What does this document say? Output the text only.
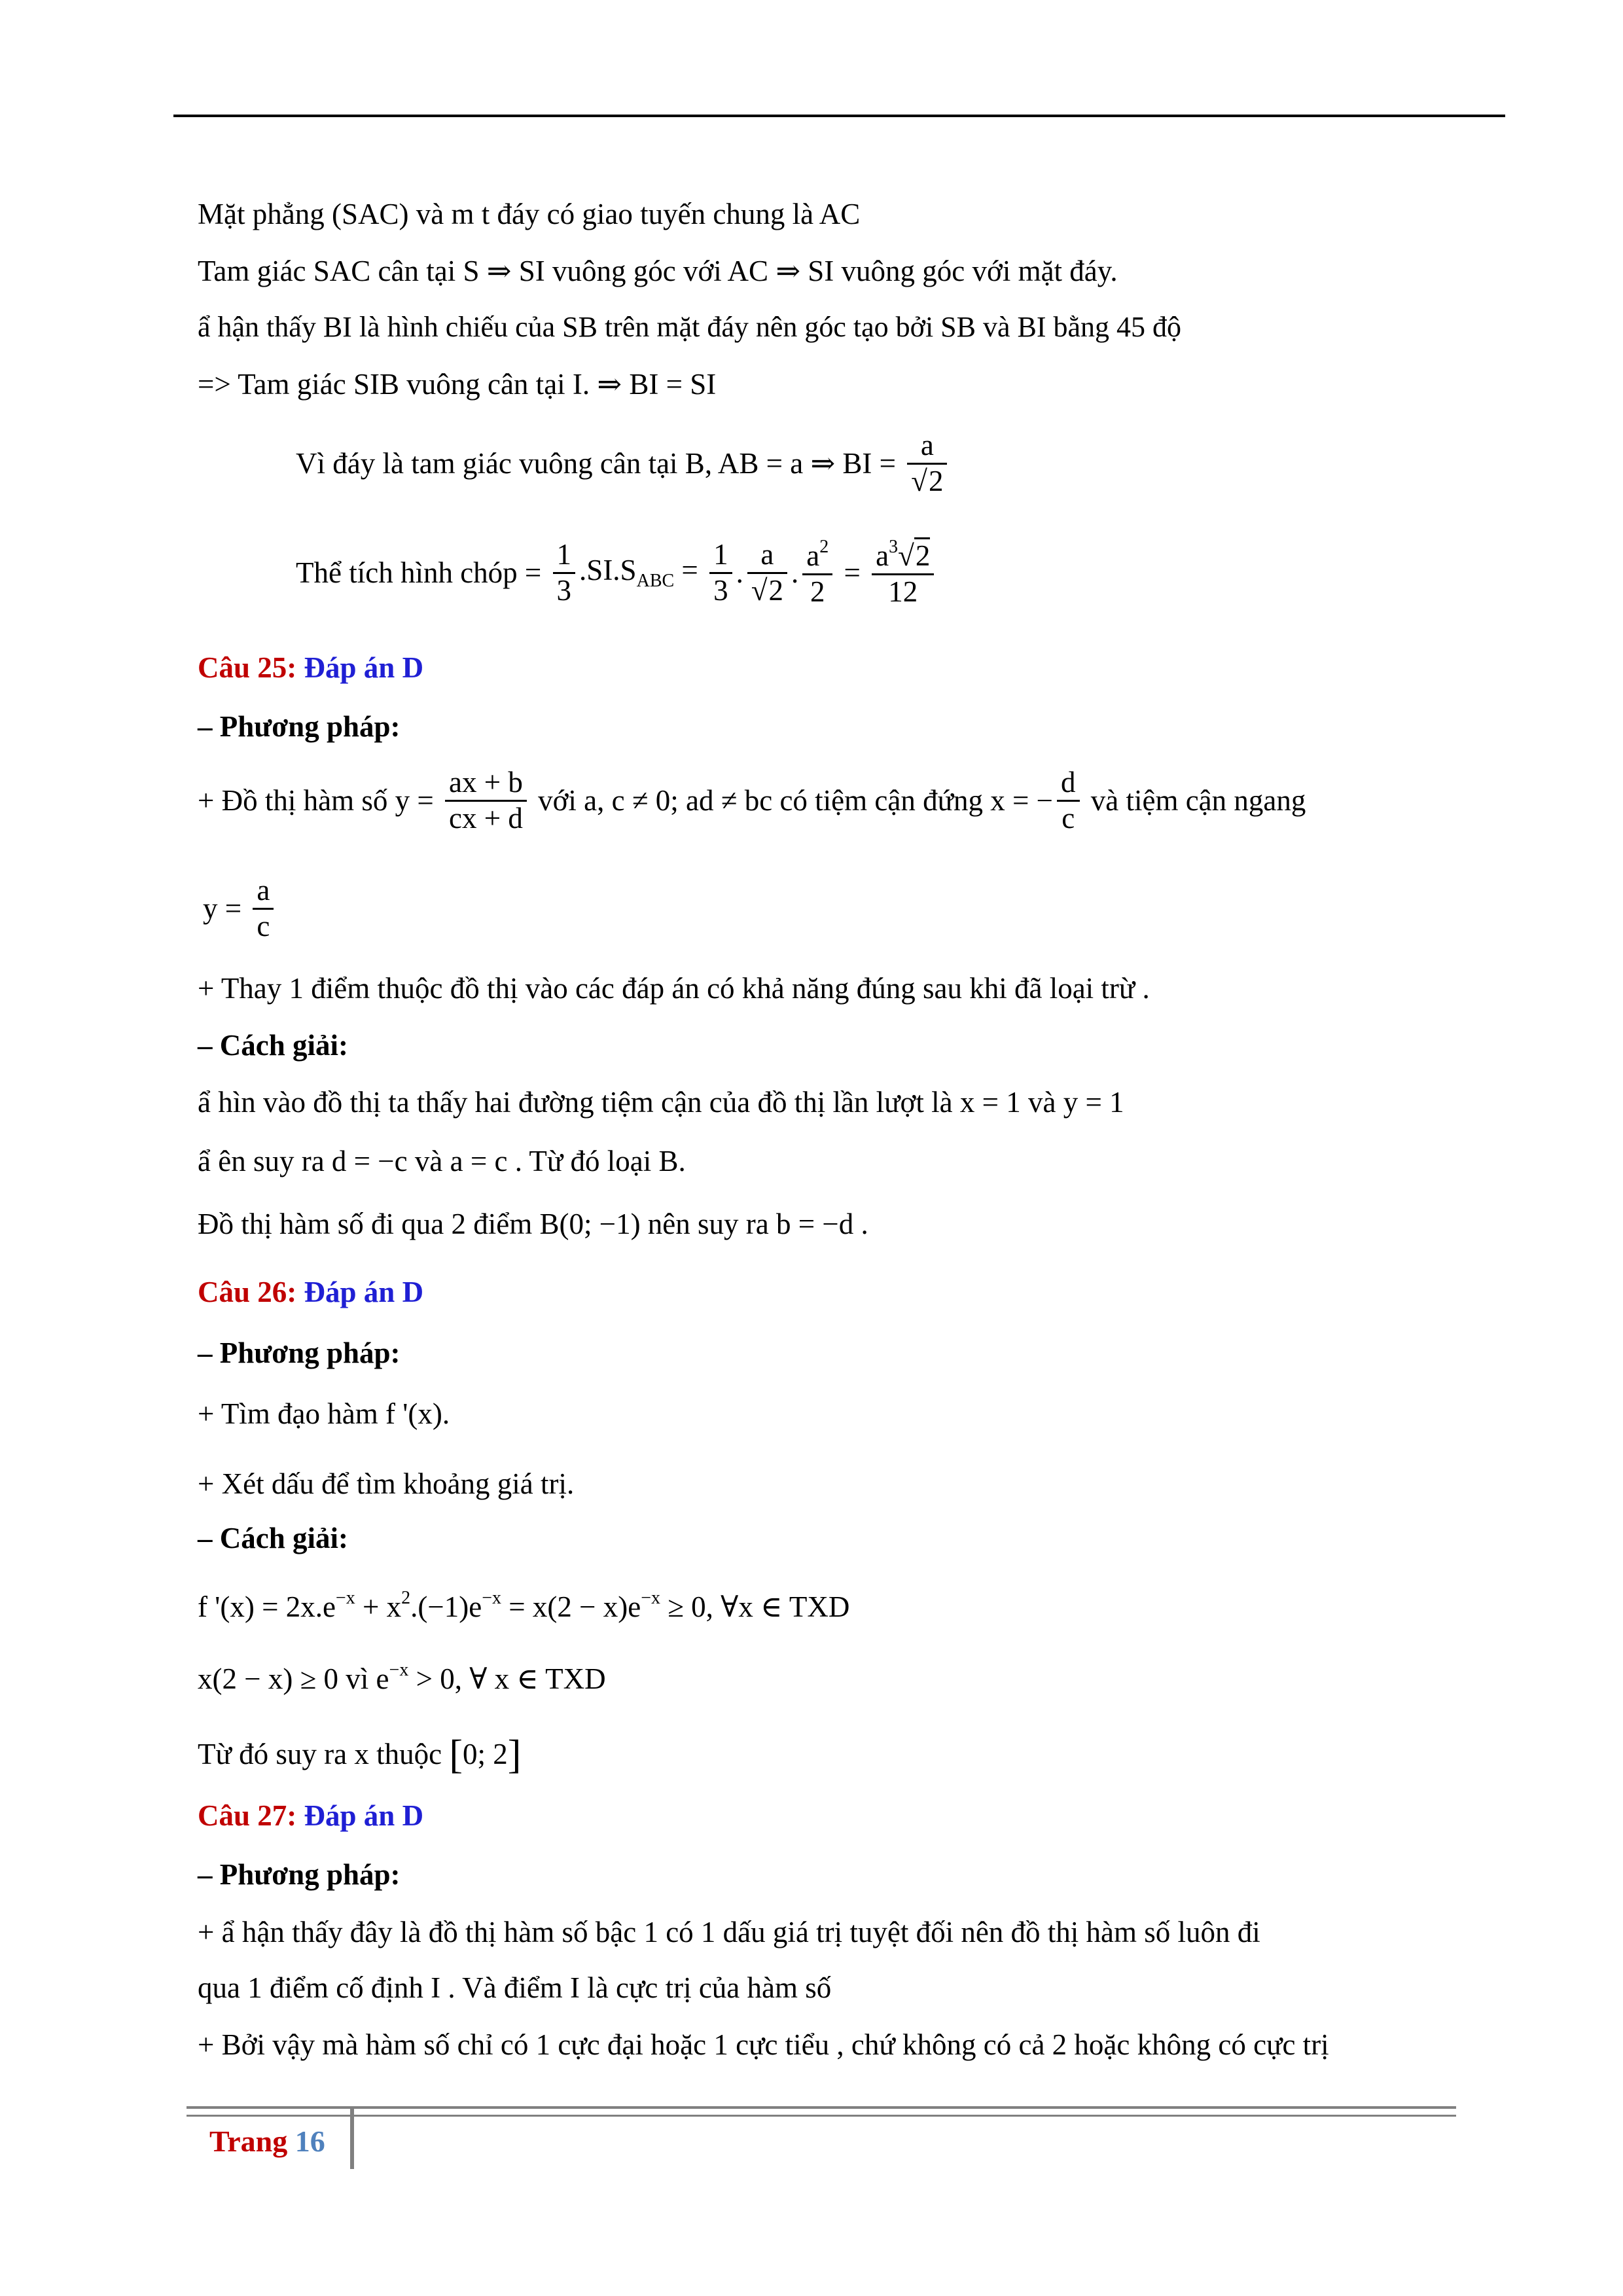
Mặt phẳng (SAC) và m t đáy có giao tuyến chung là AC
Tam giác SAC cân tại S ⇒ SI vuông góc với AC ⇒ SI vuông góc với mặt đáy.
ẩ hận thấy BI là hình chiếu của SB trên mặt đáy nên góc tạo bởi SB và BI bằng 45 độ
=> Tam giác SIB vuông cân tại I. ⇒ BI = SI
Vì đáy là tam giác vuông cân tại B, AB = a ⇒ BI = $\frac{a}{√2}$
Thể tích hình chóp = $\frac{1}{3} .SI.S_{ABC} = \frac{1}{3}$ . $\frac{a}{√2}$ . $\frac{a^2}{2} = \frac{a^3√2}{12}$
Câu 25: Đáp án D
– Phương pháp:
+ Đồ thị hàm số $y = \frac{ax + b}{cx + d}$ với a, c ≠ 0; ad ≠ bc có tiệm cận đứng x = − $\frac{d}{c}$ và tiệm cận ngang
$y = \frac{a}{c}$
+ Thay 1 điểm thuộc đồ thị vào các đáp án có khả năng đúng sau khi đã loại trừ .
– Cách giải:
ẩ hìn vào đồ thị ta thấy hai đường tiệm cận của đồ thị lần lượt là x = 1 và y = 1
ẩ ên suy ra d = −c và a = c . Từ đó loại B.
Đồ thị hàm số đi qua 2 điểm B(0; −1) nên suy ra b = −d .
Câu 26: Đáp án D
– Phương pháp:
+ Tìm đạo hàm f '(x).
+ Xét dấu để tìm khoảng giá trị.
– Cách giải:
f '$(x) = 2x.e^{-x} + x^2.(-1)e^{-x} = x(2 - x)e^{-x} \ge 0$, ∀x ∈ TXD
x(2 − x) ≥ 0 vì $e^{-x} > 0$, ∀ x ∈ TXD
Từ đó suy ra x thuộc [0; 2]
Câu 27: Đáp án D
– Phương pháp:
+ ẩ hận thấy đây là đồ thị hàm số bậc 1 có 1 dấu giá trị tuyệt đối nên đồ thị hàm số luôn đi
qua 1 điểm cố định I . Và điểm I là cực trị của hàm số
+ Bởi vậy mà hàm số chỉ có 1 cực đại hoặc 1 cực tiểu , chứ không có cả 2 hoặc không có cực trị
Trang 16
